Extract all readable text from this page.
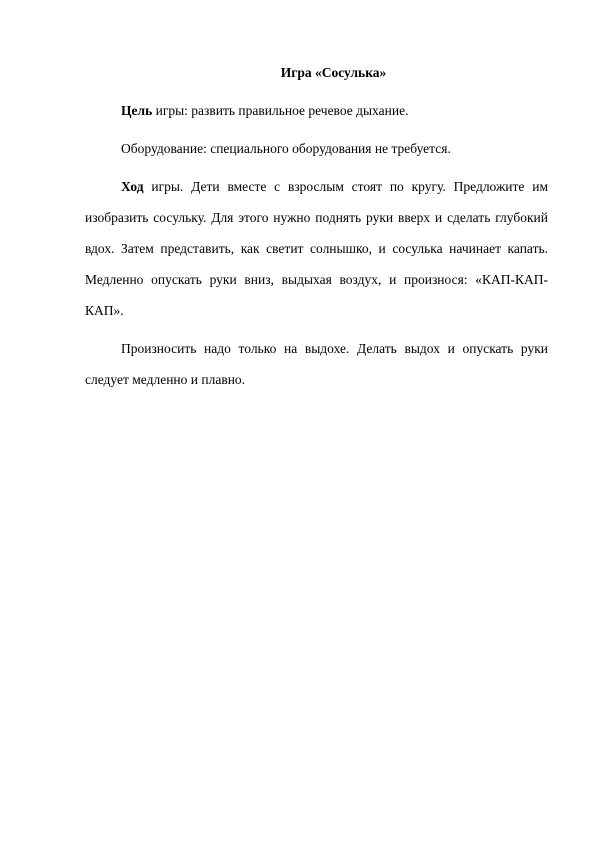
Игра «Сосулька»

Цель игры: развить правильное речевое дыхание.

Оборудование: специального оборудования не требуется.

Ход игры. Дети вместе с взрослым стоят по кругу. Предложите им изобразить сосульку. Для этого нужно поднять руки вверх и сделать глубокий вдох. Затем представить, как светит солнышко, и сосулька начинает капать. Медленно опускать руки вниз, выдыхая воздух, и произнося: «КАП-КАП-КАП».

Произносить надо только на выдохе. Делать выдох и опускать руки следует медленно и плавно.
